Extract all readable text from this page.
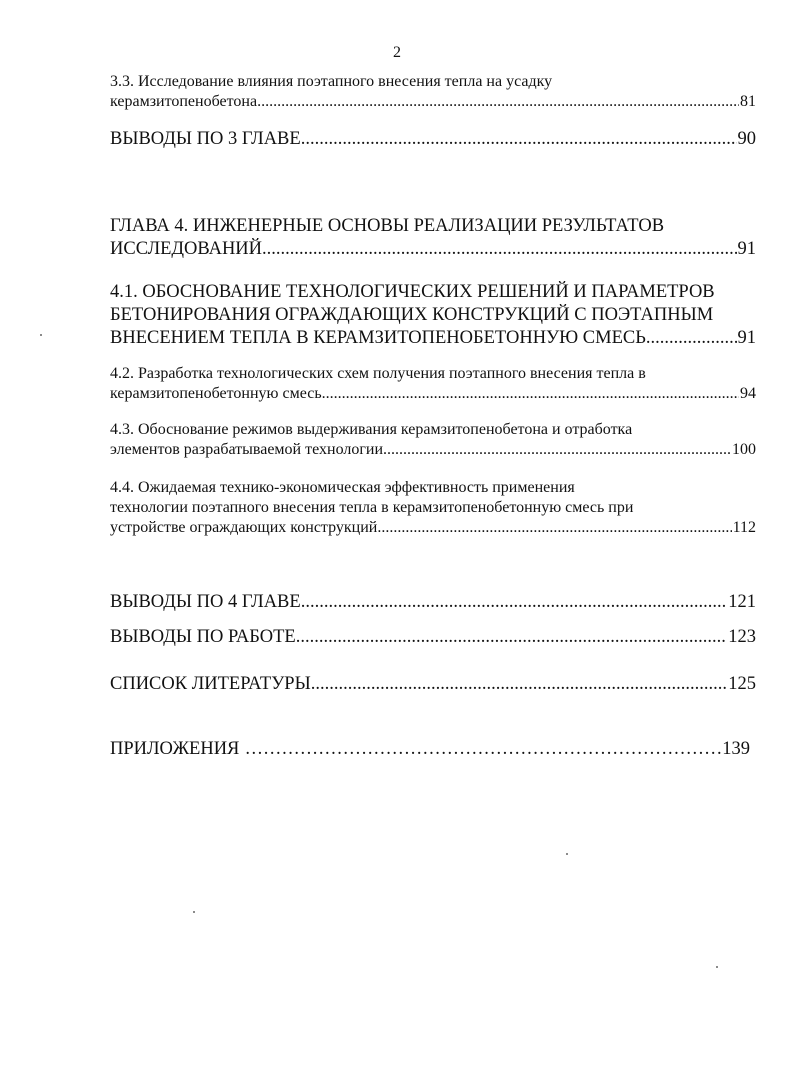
2
3.3. Исследование влияния поэтапного внесения тепла на усадку
керамзитопенобетона .....	81
ВЫВОДЫ ПО 3 ГЛАВЕ .....	90
ГЛАВА 4. ИНЖЕНЕРНЫЕ ОСНОВЫ РЕАЛИЗАЦИИ РЕЗУЛЬТАТОВ
ИССЛЕДОВАНИЙ .....	91
4.1. ОБОСНОВАНИЕ ТЕХНОЛОГИЧЕСКИХ РЕШЕНИЙ И ПАРАМЕТРОВ
БЕТОНИРОВАНИЯ ОГРАЖДАЮЩИХ КОНСТРУКЦИЙ С ПОЭТАПНЫМ
ВНЕСЕНИЕМ ТЕПЛА В КЕРАМЗИТОПЕНОБЕТОННУЮ СМЕСЬ .....	91
4.2. Разработка технологических схем получения поэтапного внесения тепла в
керамзитопенобетонную смесь .....	94
4.3. Обоснование режимов выдерживания керамзитопенобетона и отработка
элементов разрабатываемой технологии .....	100
4.4. Ожидаемая технико-экономическая эффективность применения
технологии поэтапного внесения тепла в керамзитопенобетонную смесь при
устройстве ограждающих конструкций .....	112
ВЫВОДЫ ПО 4 ГЛАВЕ .....	121
ВЫВОДЫ ПО РАБОТЕ .....	123
СПИСОК ЛИТЕРАТУРЫ .....	125
ПРИЛОЖЕНИЯ .....	139
